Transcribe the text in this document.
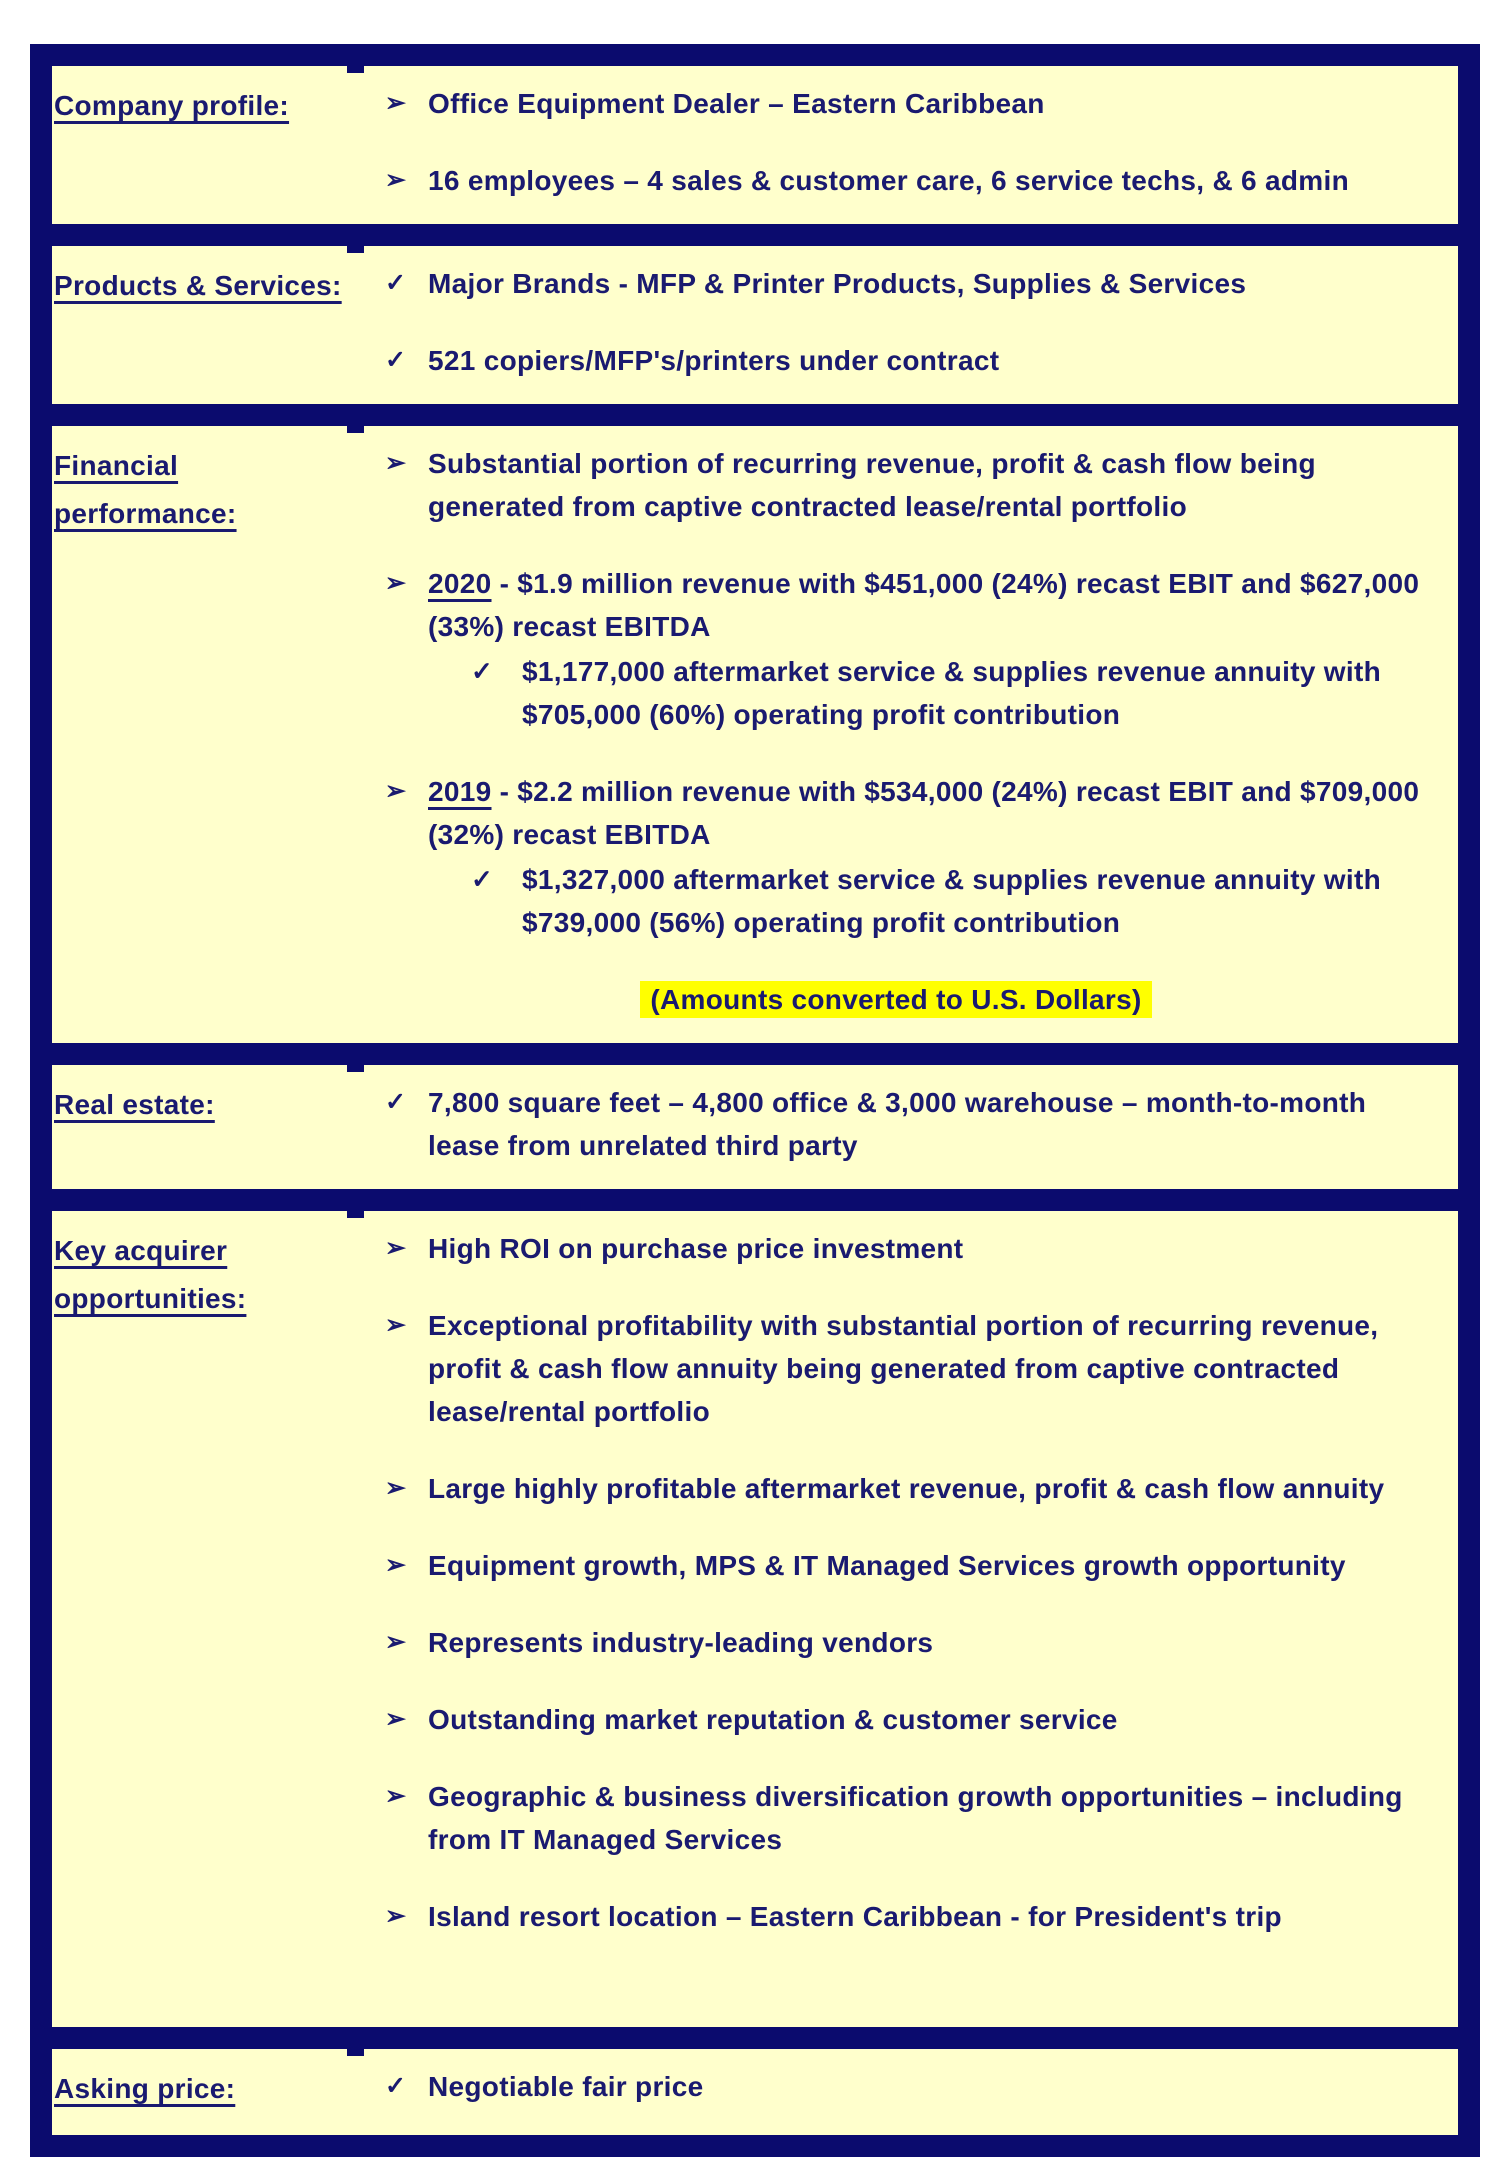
Company profile:	➢ Office Equipment Dealer – Eastern Caribbean
➢ 16 employees – 4 sales & customer care, 6 service techs, & 6 admin
Products & Services:	✓ Major Brands - MFP & Printer Products, Supplies & Services
✓ 521 copiers/MFP's/printers under contract
Financial performance:
➢ Substantial portion of recurring revenue, profit & cash flow being generated from captive contracted lease/rental portfolio
➢ 2020 - $1.9 million revenue with $451,000 (24%) recast EBIT and $627,000 (33%) recast EBITDA
✓ $1,177,000 aftermarket service & supplies revenue annuity with $705,000 (60%) operating profit contribution
➢ 2019 - $2.2 million revenue with $534,000 (24%) recast EBIT and $709,000 (32%) recast EBITDA
✓ $1,327,000 aftermarket service & supplies revenue annuity with $739,000 (56%) operating profit contribution
(Amounts converted to U.S. Dollars)
Real estate:	✓ 7,800 square feet – 4,800 office & 3,000 warehouse – month-to-month lease from unrelated third party
Key acquirer opportunities:
➢ High ROI on purchase price investment
➢ Exceptional profitability with substantial portion of recurring revenue, profit & cash flow annuity being generated from captive contracted lease/rental portfolio
➢ Large highly profitable aftermarket revenue, profit & cash flow annuity
➢ Equipment growth, MPS & IT Managed Services growth opportunity
➢ Represents industry-leading vendors
➢ Outstanding market reputation & customer service
➢ Geographic & business diversification growth opportunities – including from IT Managed Services
➢ Island resort location – Eastern Caribbean - for President's trip
Asking price:	✓ Negotiable fair price
